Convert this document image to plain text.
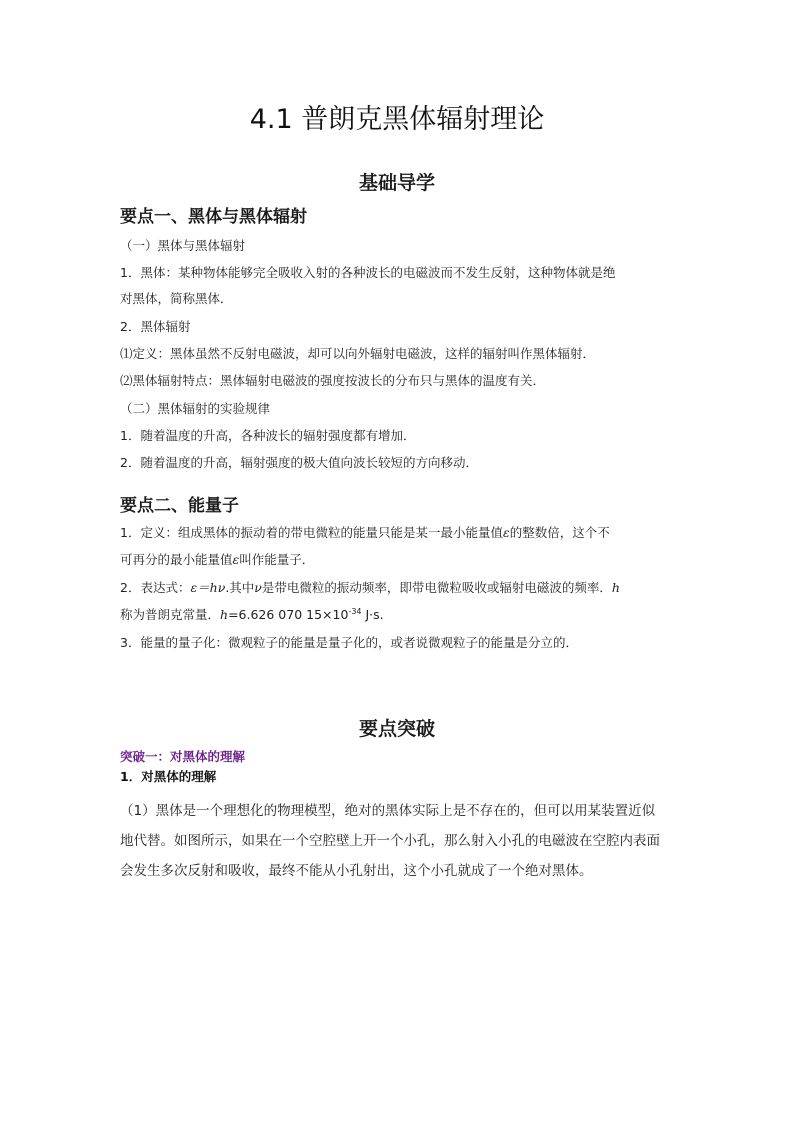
4.1 普朗克黑体辐射理论
基础导学
要点一、黑体与黑体辐射
（一）黑体与黑体辐射
1．黑体：某种物体能够完全吸收入射的各种波长的电磁波而不发生反射，这种物体就是绝
对黑体，简称黑体．
2．黑体辐射
⑴定义：黑体虽然不反射电磁波，却可以向外辐射电磁波，这样的辐射叫作黑体辐射．
⑵黑体辐射特点：黑体辐射电磁波的强度按波长的分布只与黑体的温度有关．
（二）黑体辐射的实验规律
1．随着温度的升高，各种波长的辐射强度都有增加．
2．随着温度的升高，辐射强度的极大值向波长较短的方向移动．
要点二、能量子
1．定义：组成黑体的振动着的带电微粒的能量只能是某一最小能量值ε的整数倍，这个不
可再分的最小能量值ε叫作能量子．
2．表达式：ε＝hν.其中ν是带电微粒的振动频率，即带电微粒吸收或辐射电磁波的频率．h
称为普朗克常量．h=6.626 070 $15\times 10^{-34}$ J·s.
3．能量的量子化：微观粒子的能量是量子化的，或者说微观粒子的能量是分立的．
要点突破
突破一：对黑体的理解
1．对黑体的理解
（1）黑体是一个理想化的物理模型，绝对的黑体实际上是不存在的，但可以用某装置近似
地代替。如图所示，如果在一个空腔壁上开一个小孔，那么射入小孔的电磁波在空腔内表面
会发生多次反射和吸收，最终不能从小孔射出，这个小孔就成了一个绝对黑体。
